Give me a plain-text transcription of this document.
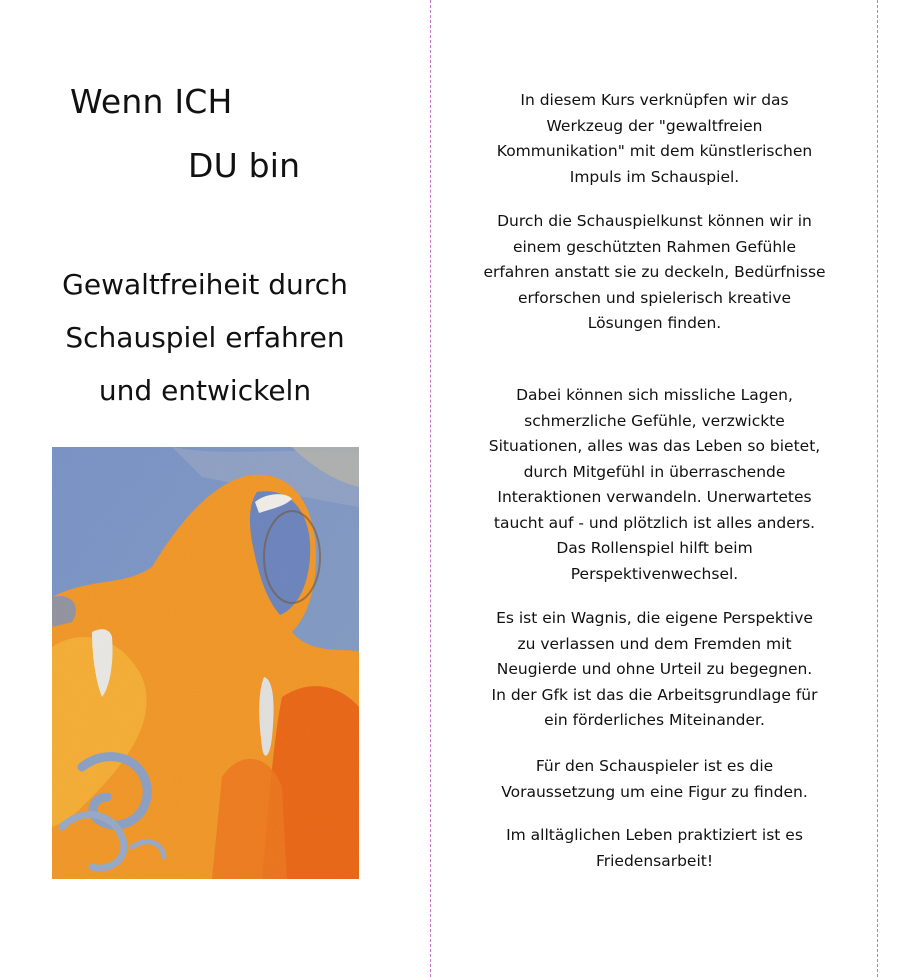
Wenn ICH
DU bin
Gewaltfreiheit durch
Schauspiel erfahren
und entwickeln
In diesem Kurs verknüpfen wir das
Werkzeug der "gewaltfreien
Kommunikation" mit dem künstlerischen
Impuls im Schauspiel.
Durch die Schauspielkunst können wir in
einem geschützten Rahmen Gefühle
erfahren anstatt sie zu deckeln, Bedürfnisse
erforschen und spielerisch kreative
Lösungen finden.
Dabei können sich missliche Lagen,
schmerzliche Gefühle, verzwickte
Situationen, alles was das Leben so bietet,
durch Mitgefühl in überraschende
Interaktionen verwandeln. Unerwartetes
taucht auf - und plötzlich ist alles anders.
Das Rollenspiel hilft beim
Perspektivenwechsel.
Es ist ein Wagnis, die eigene Perspektive
zu verlassen und dem Fremden mit
Neugierde und ohne Urteil zu begegnen.
In der Gfk ist das die Arbeitsgrundlage für
ein förderliches Miteinander.
Für den Schauspieler ist es die
Voraussetzung um eine Figur zu finden.
Im alltäglichen Leben praktiziert ist es
Friedensarbeit!
